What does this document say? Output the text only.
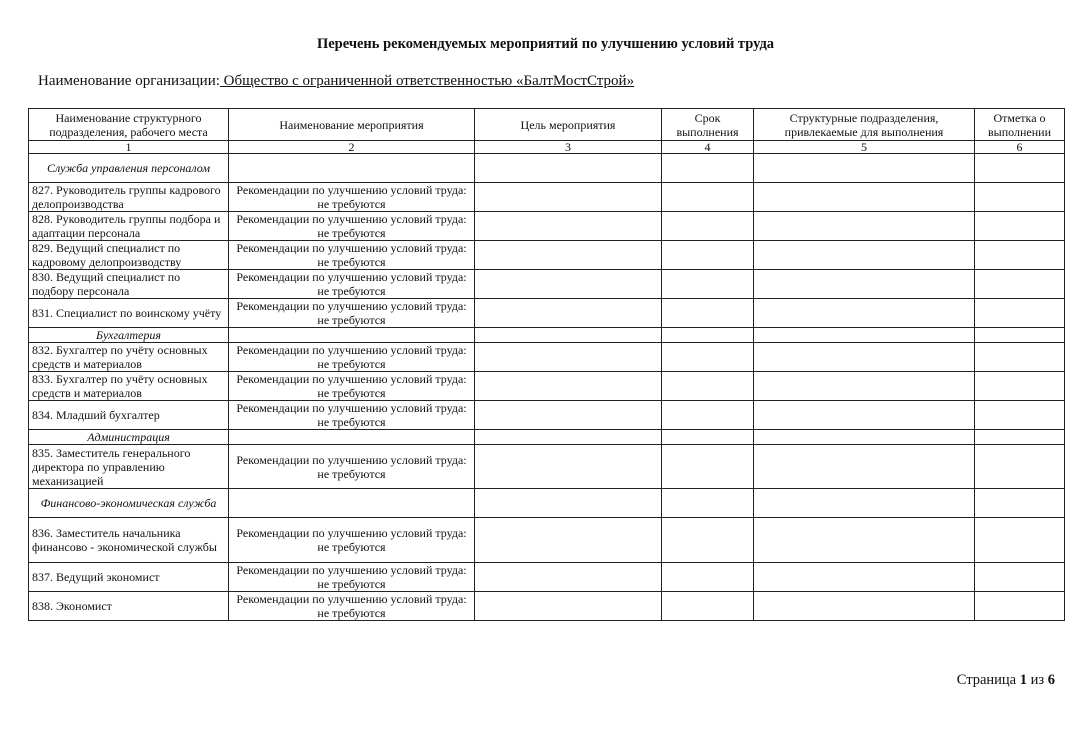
Перечень рекомендуемых мероприятий по улучшению условий труда
Наименование организации: Общество с ограниченной ответственностью «БалтМостСтрой»
Наименование структурного подразделения, рабочего места	Наименование мероприятия	Цель мероприятия	Срок выполнения	Структурные подразделения, привлекаемые для выполнения	Отметка о выполнении
1	2	3	4	5	6
Служба управления персоналом					
827. Руководитель группы кадрового делопроизводства	Рекомендации по улучшению условий труда: не требуются				
828. Руководитель группы подбора и адаптации персонала	Рекомендации по улучшению условий труда: не требуются				
829. Ведущий специалист по кадровому делопроизводству	Рекомендации по улучшению условий труда: не требуются				
830. Ведущий специалист по подбору персонала	Рекомендации по улучшению условий труда: не требуются				
831. Специалист по воинскому учёту	Рекомендации по улучшению условий труда: не требуются				
Бухгалтерия					
832. Бухгалтер по учёту основных средств и материалов	Рекомендации по улучшению условий труда: не требуются				
833. Бухгалтер по учёту основных средств и материалов	Рекомендации по улучшению условий труда: не требуются				
834. Младший бухгалтер	Рекомендации по улучшению условий труда: не требуются				
Администрация					
835. Заместитель генерального директора по управлению механизацией	Рекомендации по улучшению условий труда: не требуются				
Финансово-экономическая служба					
836. Заместитель начальника финансово - экономической службы	Рекомендации по улучшению условий труда: не требуются				
837. Ведущий экономист	Рекомендации по улучшению условий труда: не требуются				
838. Экономист	Рекомендации по улучшению условий труда: не требуются				
Страница 1 из 6
